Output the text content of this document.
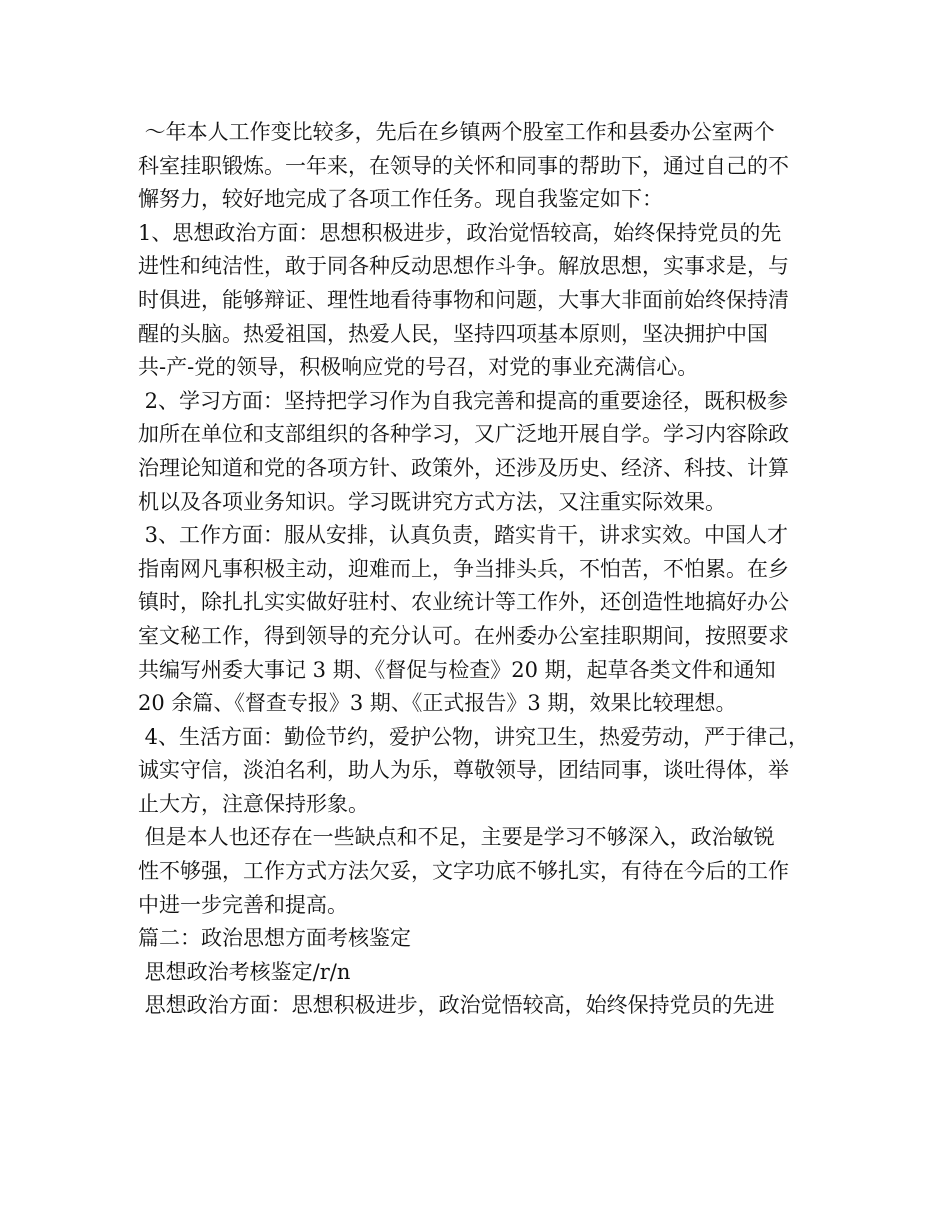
～年本人工作变比较多，先后在乡镇两个股室工作和县委办公室两个
科室挂职锻炼。一年来，在领导的关怀和同事的帮助下，通过自己的不
懈努力，较好地完成了各项工作任务。现自我鉴定如下：
1、思想政治方面：思想积极进步，政治觉悟较高，始终保持党员的先
进性和纯洁性，敢于同各种反动思想作斗争。解放思想，实事求是，与
时俱进，能够辩证、理性地看待事物和问题，大事大非面前始终保持清
醒的头脑。热爱祖国，热爱人民，坚持四项基本原则，坚决拥护中国
共-产-党的领导，积极响应党的号召，对党的事业充满信心。
2、学习方面：坚持把学习作为自我完善和提高的重要途径，既积极参
加所在单位和支部组织的各种学习，又广泛地开展自学。学习内容除政
治理论知道和党的各项方针、政策外，还涉及历史、经济、科技、计算
机以及各项业务知识。学习既讲究方式方法，又注重实际效果。
3、工作方面：服从安排，认真负责，踏实肯干，讲求实效。中国人才
指南网凡事积极主动，迎难而上，争当排头兵，不怕苦，不怕累。在乡
镇时，除扎扎实实做好驻村、农业统计等工作外，还创造性地搞好办公
室文秘工作，得到领导的充分认可。在州委办公室挂职期间，按照要求
共编写州委大事记 3 期、《督促与检查》20 期，起草各类文件和通知
20 余篇、《督查专报》3 期、《正式报告》3 期，效果比较理想。
4、生活方面：勤俭节约，爱护公物，讲究卫生，热爱劳动，严于律己，
诚实守信，淡泊名利，助人为乐，尊敬领导，团结同事，谈吐得体，举
止大方，注意保持形象。
但是本人也还存在一些缺点和不足，主要是学习不够深入，政治敏锐
性不够强，工作方式方法欠妥，文字功底不够扎实，有待在今后的工作
中进一步完善和提高。
篇二：政治思想方面考核鉴定
思想政治考核鉴定/r/n
思想政治方面：思想积极进步，政治觉悟较高，始终保持党员的先进
